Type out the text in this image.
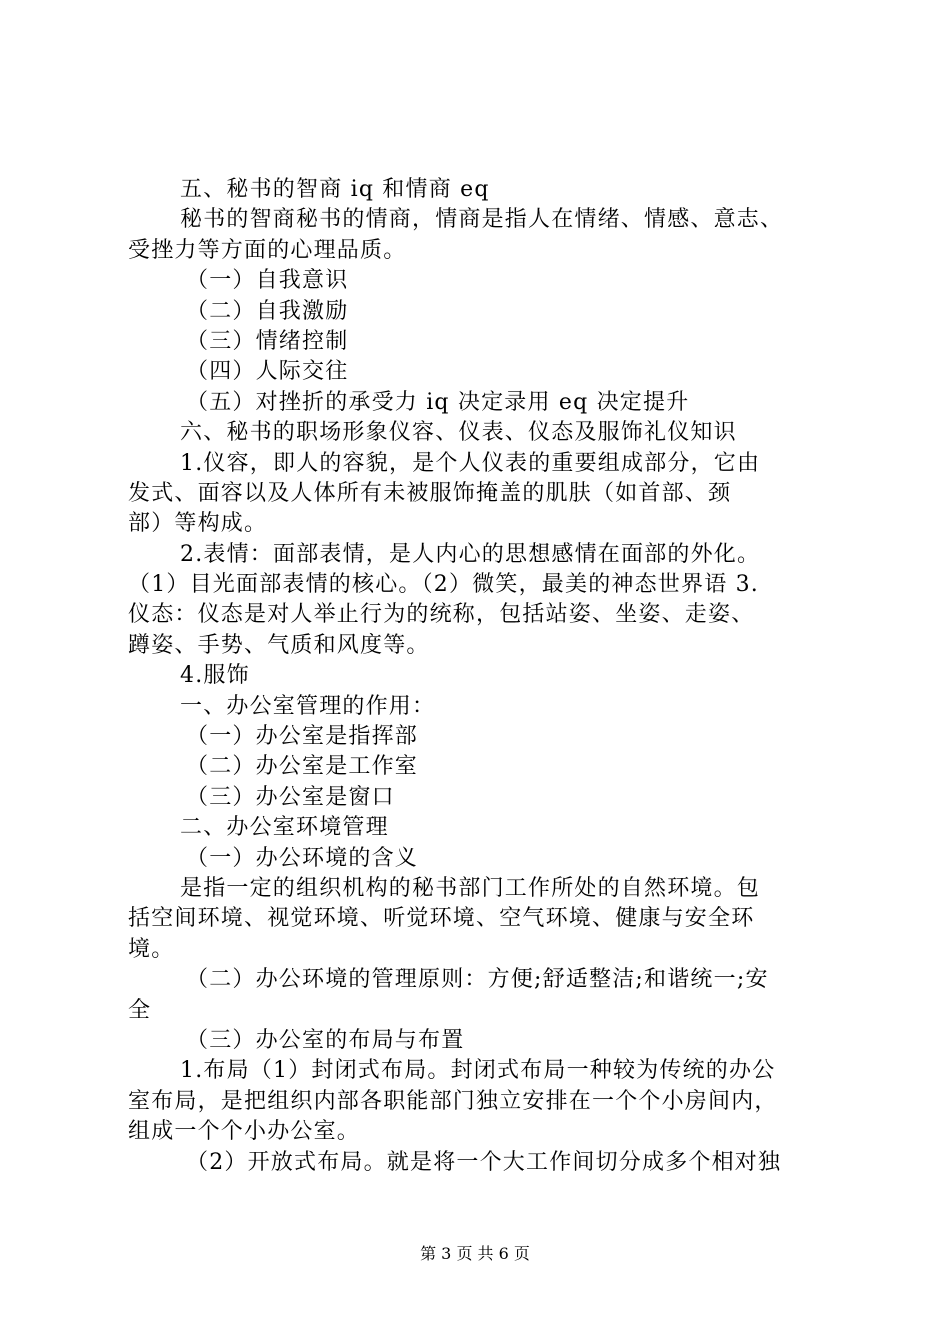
五、秘书的智商 iq 和情商 eq
秘书的智商秘书的情商，情商是指人在情绪、情感、意志、
受挫力等方面的心理品质。
（一）自我意识
（二）自我激励
（三）情绪控制
（四）人际交往
（五）对挫折的承受力 iq 决定录用 eq 决定提升
六、秘书的职场形象仪容、仪表、仪态及服饰礼仪知识
1.仪容，即人的容貌，是个人仪表的重要组成部分，它由
发式、面容以及人体所有未被服饰掩盖的肌肤（如首部、颈
部）等构成。
2.表情：面部表情，是人内心的思想感情在面部的外化。
（1）目光面部表情的核心。（2）微笑，最美的神态世界语 3.
仪态：仪态是对人举止行为的统称，包括站姿、坐姿、走姿、
蹲姿、手势、气质和风度等。
4.服饰
一、办公室管理的作用：
（一）办公室是指挥部
（二）办公室是工作室
（三）办公室是窗口
二、办公室环境管理
（一）办公环境的含义
是指一定的组织机构的秘书部门工作所处的自然环境。包
括空间环境、视觉环境、听觉环境、空气环境、健康与安全环
境。
（二）办公环境的管理原则：方便;舒适整洁;和谐统一;安
全
（三）办公室的布局与布置
1.布局（1）封闭式布局。封闭式布局一种较为传统的办公
室布局，是把组织内部各职能部门独立安排在一个个小房间内，
组成一个个小办公室。
（2）开放式布局。就是将一个大工作间切分成多个相对独
第 3 页 共 6 页
